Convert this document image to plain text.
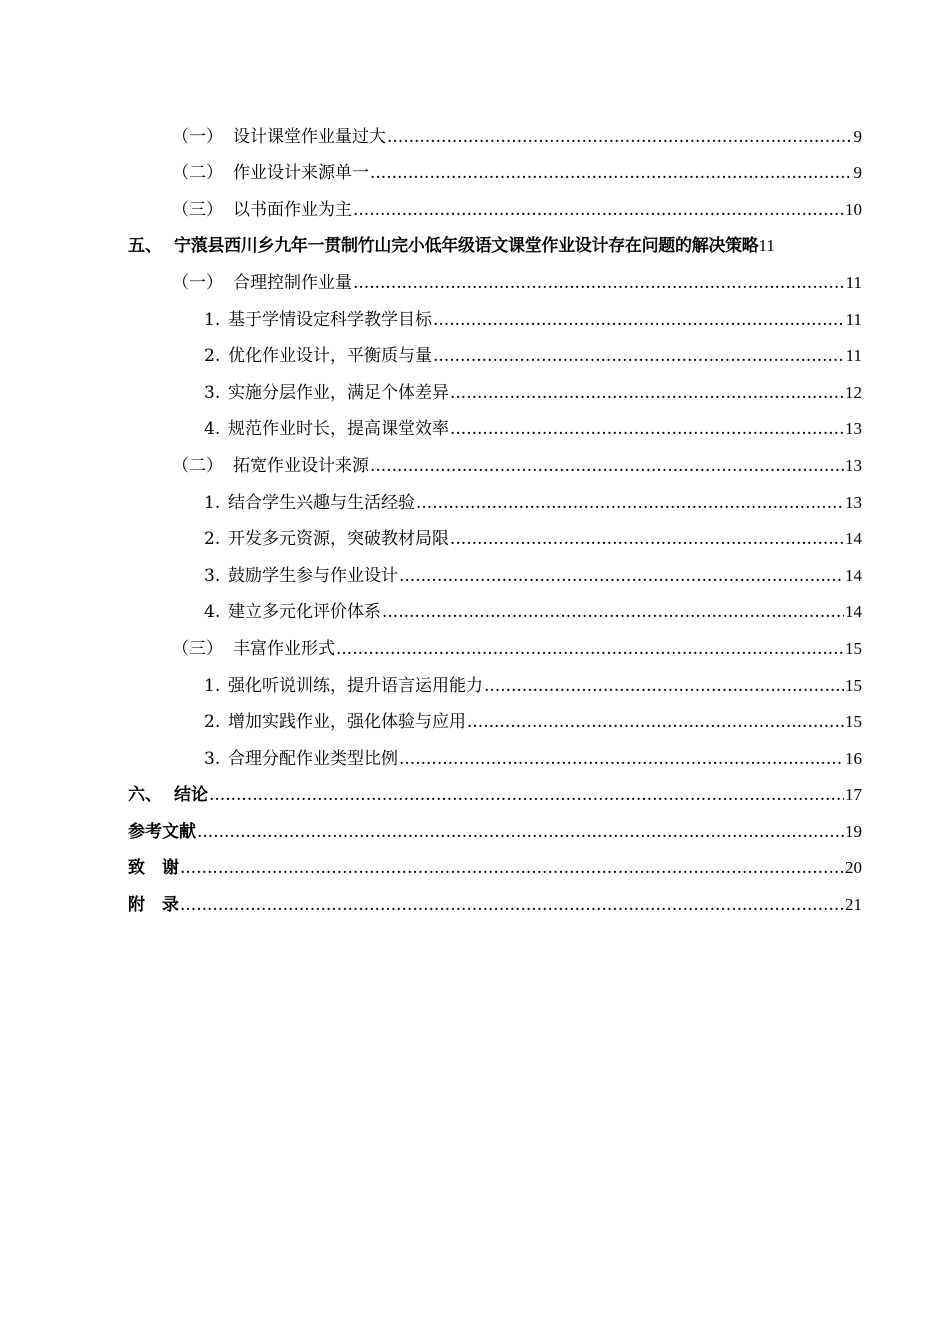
（一） 设计课堂作业量过大 .....	9
（二） 作业设计来源单一 .....	9
（三） 以书面作业为主 .....	10
五、 宁蒗县西川乡九年一贯制竹山完小低年级语文课堂作业设计存在问题的解决策略 11
（一） 合理控制作业量 .....	11
1. 基于学情设定科学教学目标 .....	11
2. 优化作业设计，平衡质与量 .....	11
3. 实施分层作业，满足个体差异 .....	12
4. 规范作业时长，提高课堂效率 .....	13
（二） 拓宽作业设计来源 .....	13
1. 结合学生兴趣与生活经验 .....	13
2. 开发多元资源，突破教材局限 .....	14
3. 鼓励学生参与作业设计 .....	14
4. 建立多元化评价体系 .....	14
（三） 丰富作业形式 .....	15
1. 强化听说训练，提升语言运用能力 .....	15
2. 增加实践作业，强化体验与应用 .....	15
3. 合理分配作业类型比例 .....	16
六、 结论 .....	17
参考文献 .....	19
致　谢 .....	20
附　录 .....	21
